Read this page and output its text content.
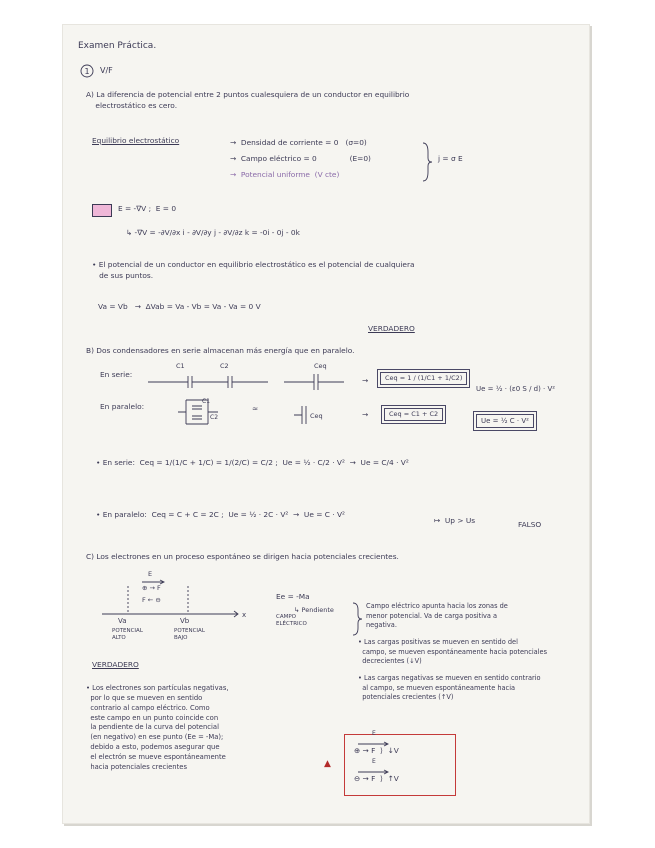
Examen Práctica.
1 V/F
A) La diferencia de potencial entre 2 puntos cualesquiera de un conductor en equilibrio
electrostático es cero.
Equilibrio electrostático	→  Densidad de corriente = 0   (σ=0)
→  Campo eléctrico = 0              (E=0)
→  Potencial uniforme  (V cte)
j = σ E
E = -∇V ;  E = 0
↳ -∇V = -∂V/∂x i - ∂V/∂y j - ∂V/∂z k = -0i - 0j - 0k
• El potencial de un conductor en equilibrio electrostático es el potencial de cualquiera
de sus puntos.
Va = Vb   →  ΔVab = Va - Vb = Va - Va = 0 V
VERDADERO
B) Dos condensadores en serie almacenan más energía que en paralelo.
En serie:
C1	C2
En paralelo:
C1
C2
≈
Ceq
Ceq
→	Ceq = 1 / (1/C1 + 1/C2)
→	Ceq = C1 + C2
Ue = ½ · (ε0 S / d) · V²
Ue = ½ C · V²
• En serie:  Ceq = 1/(1/C + 1/C) = 1/(2/C) = C/2 ;  Ue = ½ · C/2 · V²  →  Ue = C/4 · V²
• En paralelo:  Ceq = C + C = 2C ;  Ue = ½ · 2C · V²  →  Ue = C · V²
↦  Up > Us	FALSO
C) Los electrones en un proceso espontáneo se dirigen hacia potenciales crecientes.
E
⊕ → F
F ← ⊖
Va	Vb
x
POTENCIAL
ALTO
POTENCIAL
BAJO
Ee = -Ma
CAMPO
ELÉCTRICO
↳ Pendiente	Campo eléctrico apunta hacia los zonas de
menor potencial. Va de carga positiva a
negativa.
• Las cargas positivas se mueven en sentido del
campo, se mueven espontáneamente hacia potenciales
decrecientes (↓V)
• Las cargas negativas se mueven en sentido contrario
al campo, se mueven espontáneamente hacia
potenciales crecientes (↑V)
VERDADERO
• Los electrones son partículas negativas,
por lo que se mueven en sentido
contrario al campo eléctrico. Como
este campo en un punto coincide con
la pendiente de la curva del potencial
(en negativo) en ese punto (Ee = -Ma);
debido a esto, podemos asegurar que
el electrón se mueve espontáneamente
hacia potenciales crecientes	▲
E
⊕ → F  ⟩  ↓V
E
⊖ → F  ⟩  ↑V
